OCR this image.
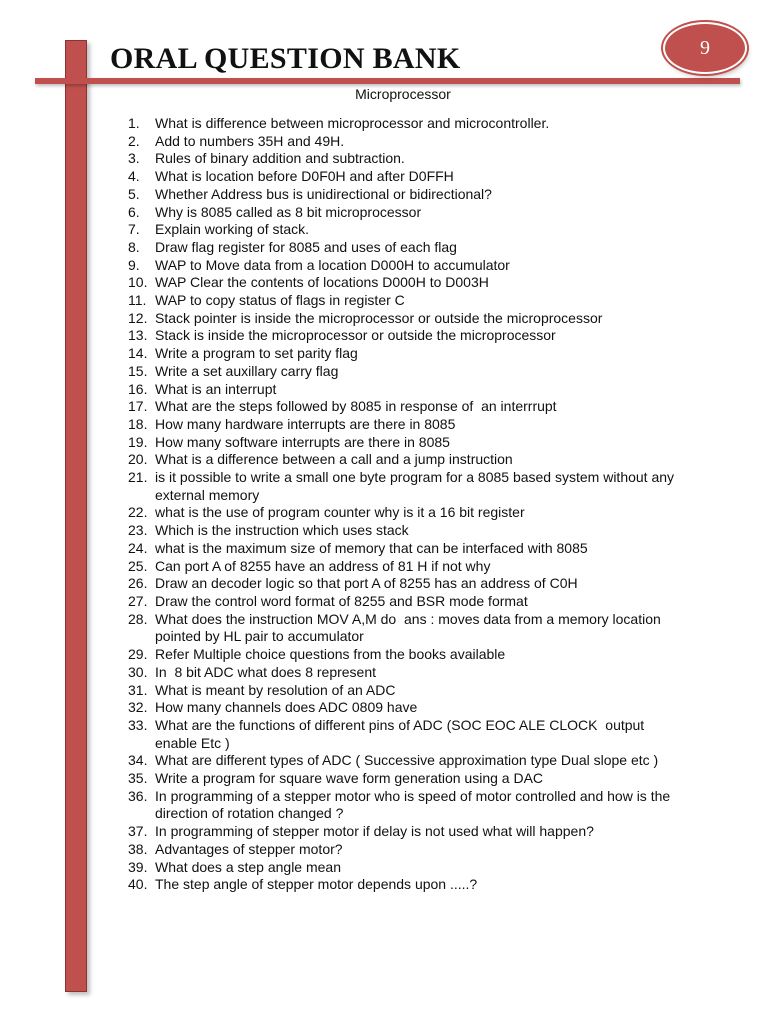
ORAL QUESTION BANK	9
Microprocessor
1.	What is difference between microprocessor and microcontroller.
2.	Add to numbers 35H and 49H.
3.	Rules of binary addition and subtraction.
4.	What is location before D0F0H and after D0FFH
5.	Whether Address bus is unidirectional or bidirectional?
6.	Why is 8085 called as 8 bit microprocessor
7.	Explain working of stack.
8.	Draw flag register for 8085 and uses of each flag
9.	WAP to Move data from a location D000H to accumulator
10. WAP Clear the contents of locations D000H to D003H
11. WAP to copy status of flags in register C
12. Stack pointer is inside the microprocessor or outside the microprocessor
13. Stack is inside the microprocessor or outside the microprocessor
14. Write a program to set parity flag
15. Write a set auxillary carry flag
16. What is an interrupt
17. What are the steps followed by 8085 in response of  an interrrupt
18. How many hardware interrupts are there in 8085
19. How many software interrupts are there in 8085
20. What is a difference between a call and a jump instruction
21. is it possible to write a small one byte program for a 8085 based system without any external memory
22. what is the use of program counter why is it a 16 bit register
23. Which is the instruction which uses stack
24. what is the maximum size of memory that can be interfaced with 8085
25. Can port A of 8255 have an address of 81 H if not why
26. Draw an decoder logic so that port A of 8255 has an address of C0H
27. Draw the control word format of 8255 and BSR mode format
28. What does the instruction MOV A,M do  ans : moves data from a memory location pointed by HL pair to accumulator
29. Refer Multiple choice questions from the books available
30. In  8 bit ADC what does 8 represent
31. What is meant by resolution of an ADC
32. How many channels does ADC 0809 have
33. What are the functions of different pins of ADC (SOC EOC ALE CLOCK  output enable Etc )
34. What are different types of ADC ( Successive approximation type Dual slope etc )
35. Write a program for square wave form generation using a DAC
36. In programming of a stepper motor who is speed of motor controlled and how is the direction of rotation changed ?
37. In programming of stepper motor if delay is not used what will happen?
38. Advantages of stepper motor?
39. What does a step angle mean
40. The step angle of stepper motor depends upon .....?
